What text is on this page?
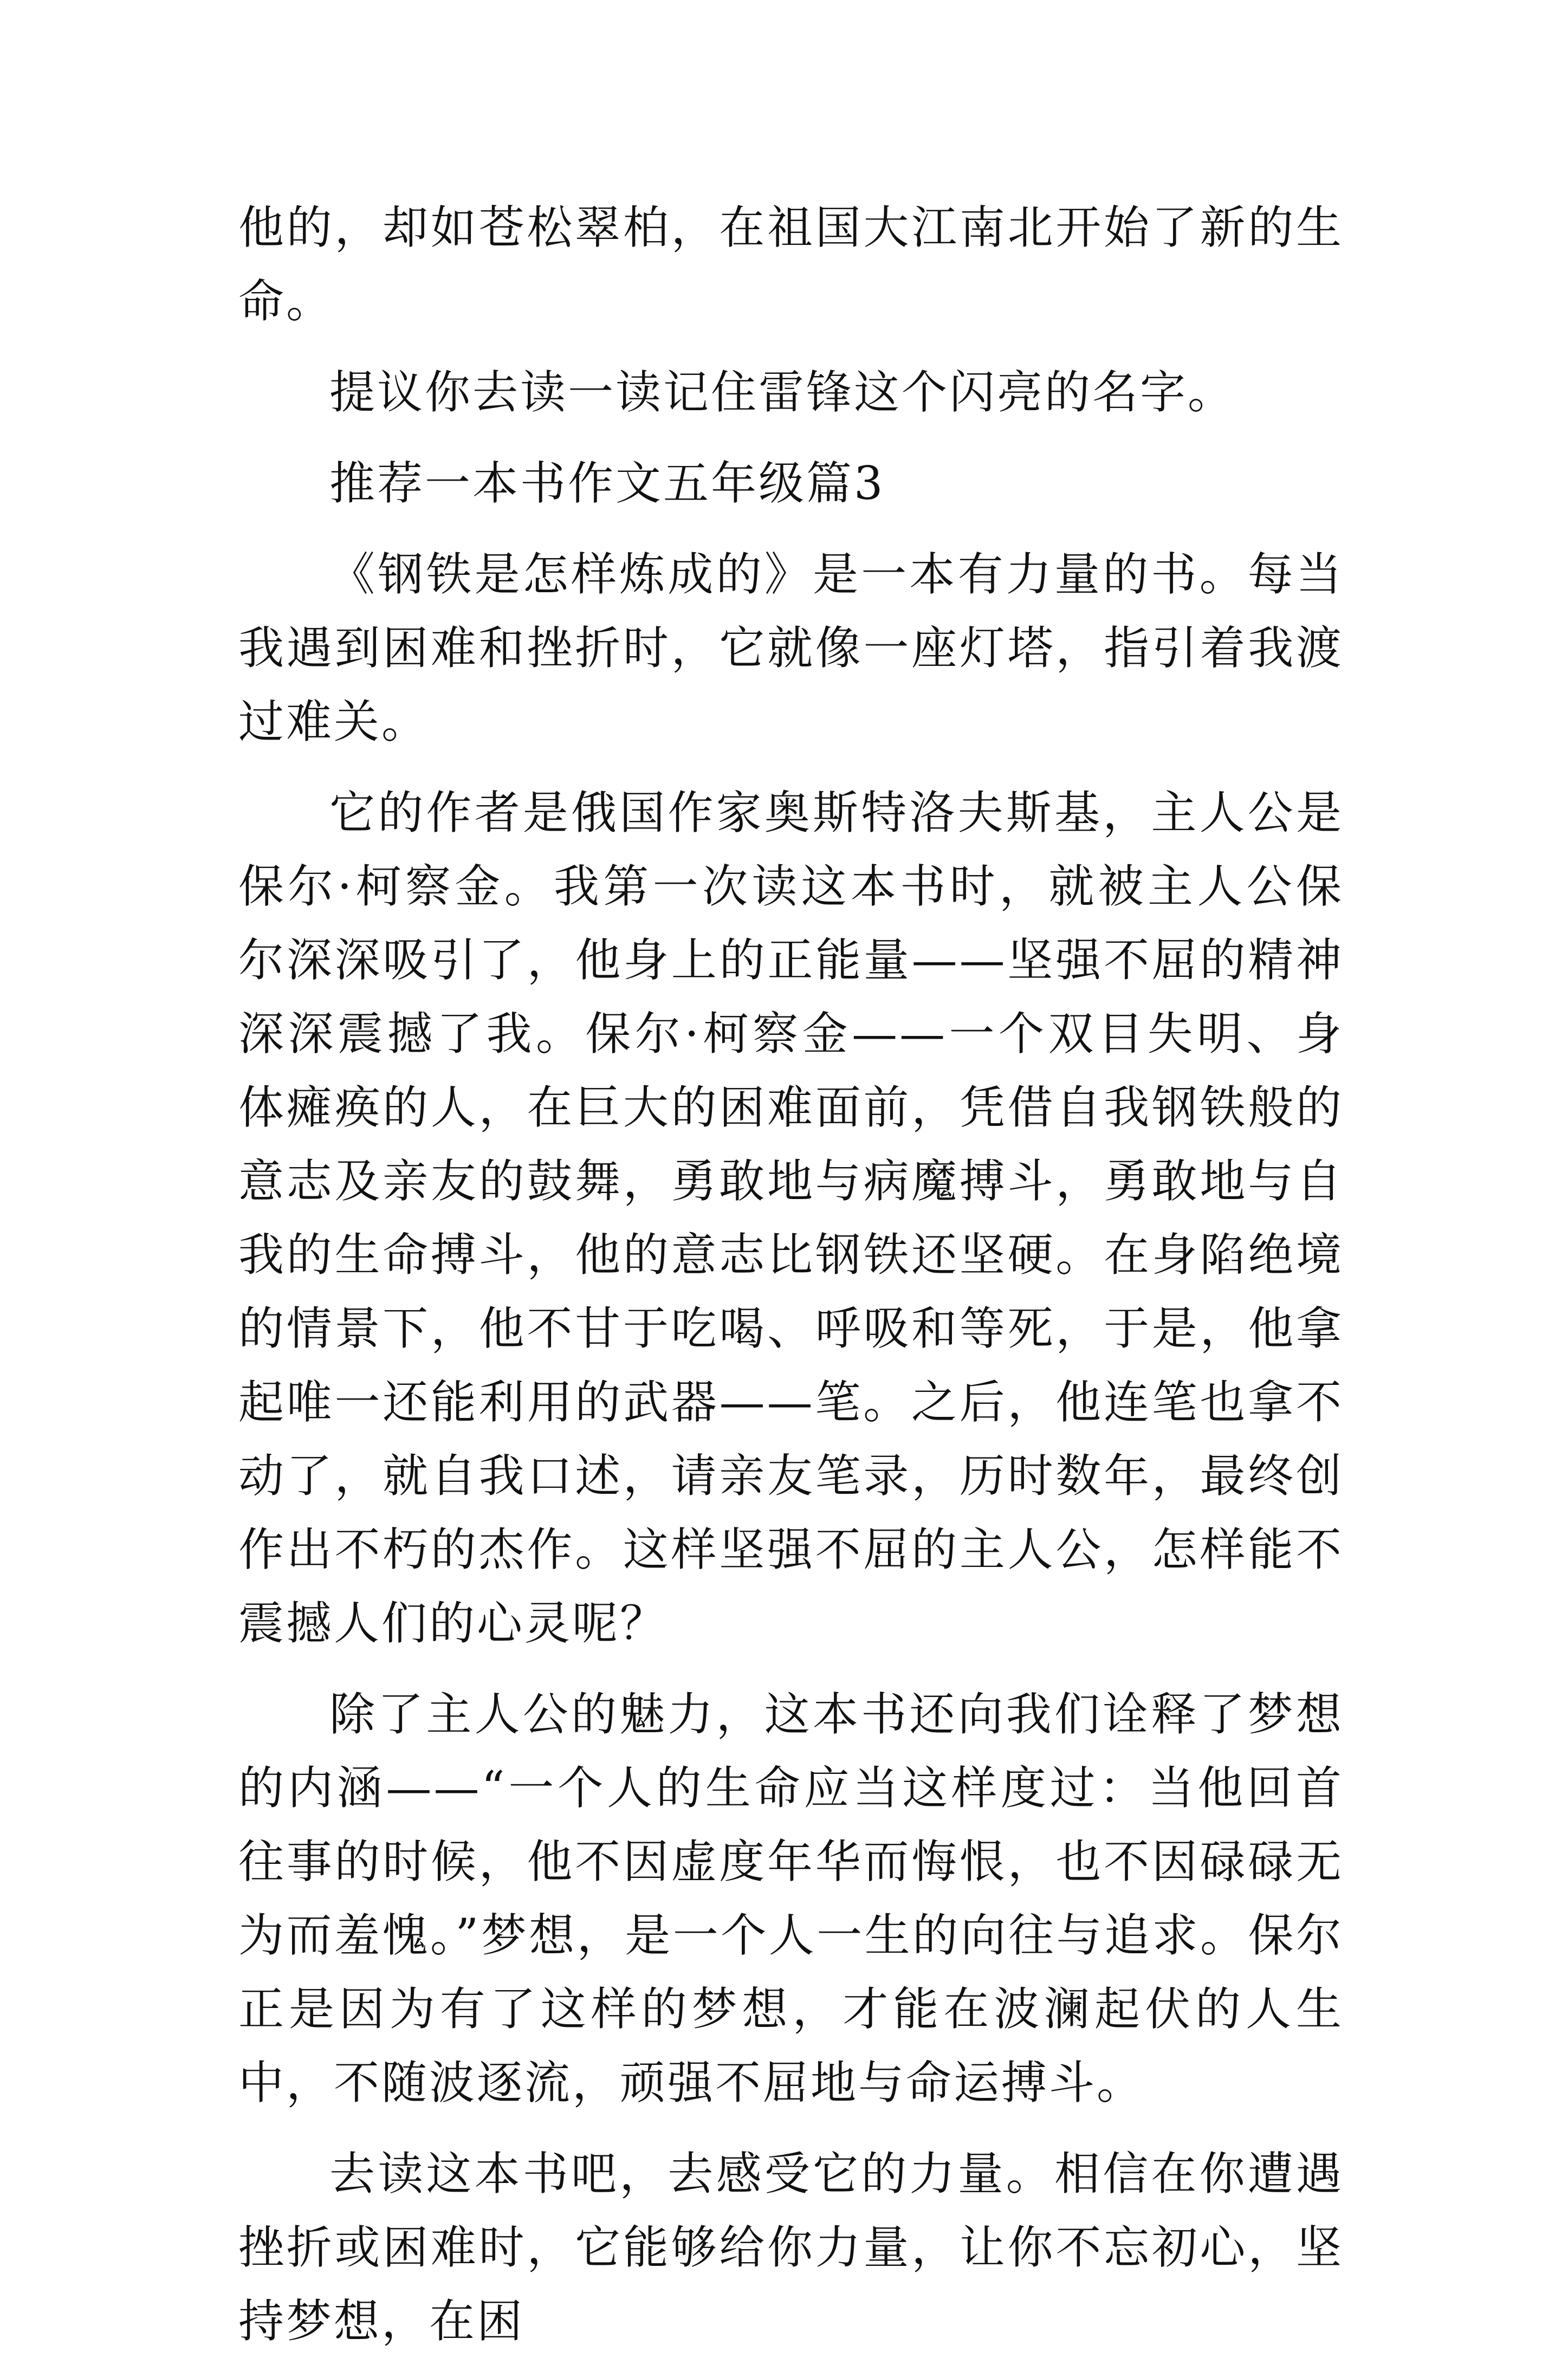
他的，却如苍松翠柏，在祖国大江南北开始了新的生命。

提议你去读一读记住雷锋这个闪亮的名字。

推荐一本书作文五年级篇3

《钢铁是怎样炼成的》是一本有力量的书。每当我遇到困难和挫折时，它就像一座灯塔，指引着我渡过难关。

它的作者是俄国作家奥斯特洛夫斯基，主人公是保尔·柯察金。我第一次读这本书时，就被主人公保尔深深吸引了，他身上的正能量——坚强不屈的精神深深震撼了我。保尔·柯察金——一个双目失明、身体瘫痪的人，在巨大的困难面前，凭借自我钢铁般的意志及亲友的鼓舞，勇敢地与病魔搏斗，勇敢地与自我的生命搏斗，他的意志比钢铁还坚硬。在身陷绝境的情景下，他不甘于吃喝、呼吸和等死，于是，他拿起唯一还能利用的武器——笔。之后，他连笔也拿不动了，就自我口述，请亲友笔录，历时数年，最终创作出不朽的杰作。这样坚强不屈的主人公，怎样能不震撼人们的心灵呢？

除了主人公的魅力，这本书还向我们诠释了梦想的内涵——“一个人的生命应当这样度过：当他回首往事的时候，他不因虚度年华而悔恨，也不因碌碌无为而羞愧。”梦想，是一个人一生的向往与追求。保尔正是因为有了这样的梦想，才能在波澜起伏的人生中，不随波逐流，顽强不屈地与命运搏斗。

去读这本书吧，去感受它的力量。相信在你遭遇挫折或困难时，它能够给你力量，让你不忘初心，坚持梦想，在困
